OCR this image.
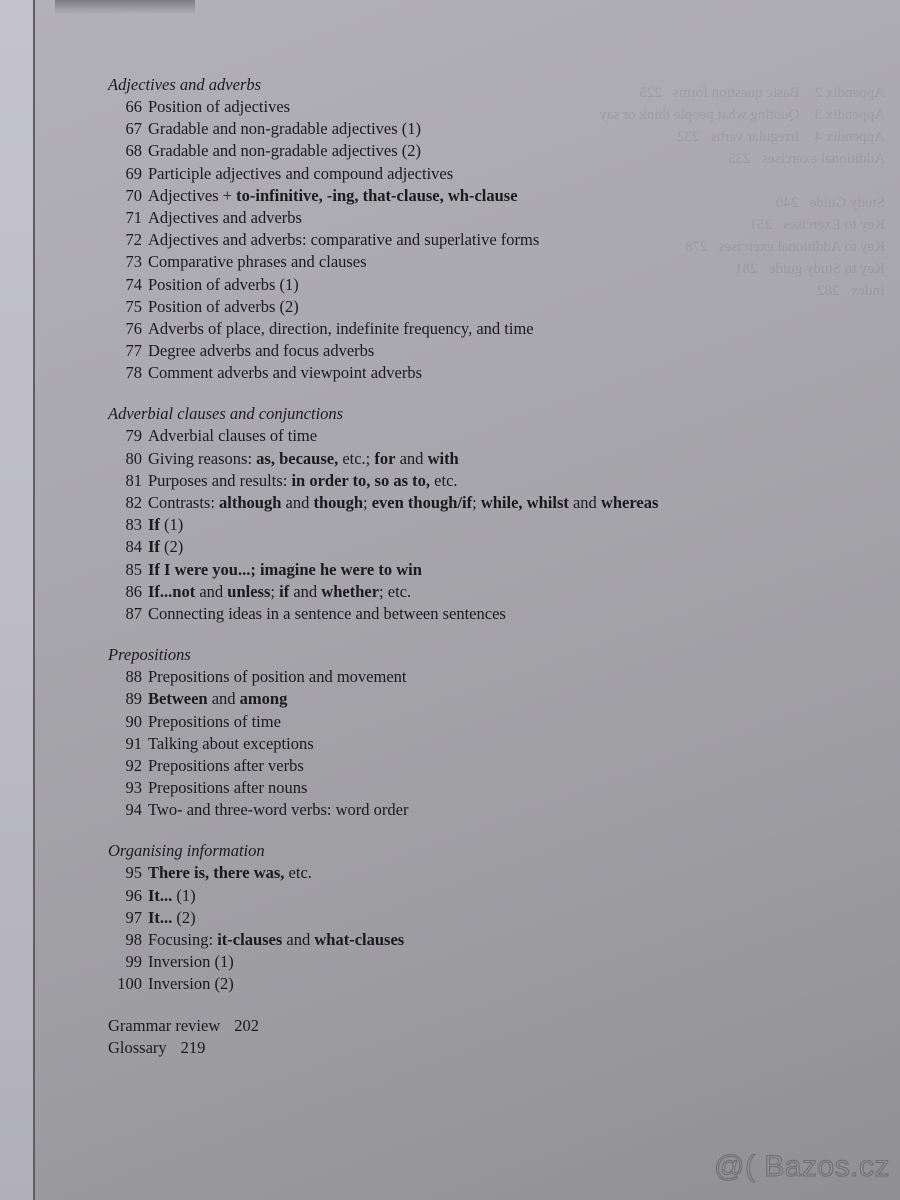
Appendix 2    Basic question forms   225
Appendix 3    Quoting what people think or say
Appendix 4    Irregular verbs   232
Additional exercises   235

Study Guide   240
Key to Exercises   251
Key to Additional exercises   278
Key to Study guide   281
Index   282
Adjectives and adverbs
66 Position of adjectives
67 Gradable and non-gradable adjectives (1)
68 Gradable and non-gradable adjectives (2)
69 Participle adjectives and compound adjectives
70 Adjectives + to-infinitive, -ing, that-clause, wh-clause
71 Adjectives and adverbs
72 Adjectives and adverbs: comparative and superlative forms
73 Comparative phrases and clauses
74 Position of adverbs (1)
75 Position of adverbs (2)
76 Adverbs of place, direction, indefinite frequency, and time
77 Degree adverbs and focus adverbs
78 Comment adverbs and viewpoint adverbs
Adverbial clauses and conjunctions
79 Adverbial clauses of time
80 Giving reasons: as, because, etc.; for and with
81 Purposes and results: in order to, so as to, etc.
82 Contrasts: although and though; even though/if; while, whilst and whereas
83 If (1)
84 If (2)
85 If I were you...; imagine he were to win
86 If...not and unless; if and whether; etc.
87 Connecting ideas in a sentence and between sentences
Prepositions
88 Prepositions of position and movement
89 Between and among
90 Prepositions of time
91 Talking about exceptions
92 Prepositions after verbs
93 Prepositions after nouns
94 Two- and three-word verbs: word order
Organising information
95 There is, there was, etc.
96 It... (1)
97 It... (2)
98 Focusing: it-clauses and what-clauses
99 Inversion (1)
100 Inversion (2)
Grammar review 202
Glossary 219
@( Bazos.cz
